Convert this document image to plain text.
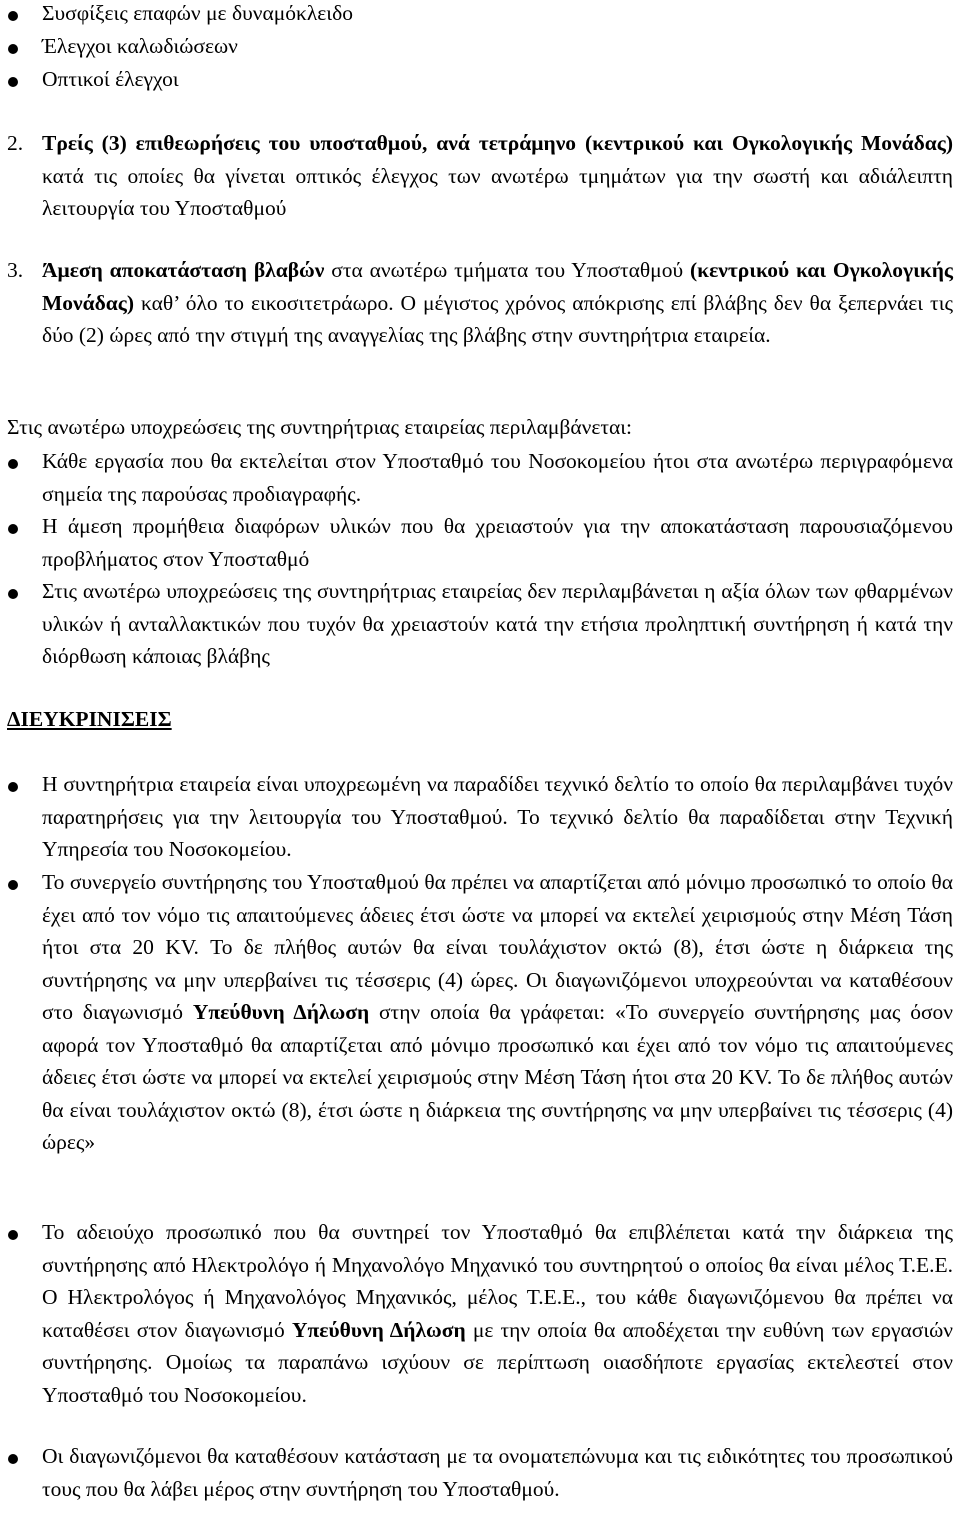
Συσφίξεις επαφών με δυναμόκλειδο
Έλεγχοι καλωδιώσεων
Οπτικοί έλεγχοι
2. Τρείς (3) επιθεωρήσεις του υποσταθμού, ανά τετράμηνο (κεντρικού και Ογκολογικής Μονάδας) κατά τις οποίες θα γίνεται οπτικός έλεγχος των ανωτέρω τμημάτων για την σωστή και αδιάλειπτη λειτουργία του Υποσταθμού
3. Άμεση αποκατάσταση βλαβών στα ανωτέρω τμήματα του Υποσταθμού (κεντρικού και Ογκολογικής Μονάδας) καθ’ όλο το εικοσιτετράωρο. Ο μέγιστος χρόνος απόκρισης επί βλάβης δεν θα ξεπερνάει τις δύο (2) ώρες από την στιγμή της αναγγελίας της βλάβης στην συντηρήτρια εταιρεία.
Στις ανωτέρω υποχρεώσεις της συντηρήτριας εταιρείας περιλαμβάνεται:
Κάθε εργασία που θα εκτελείται στον Υποσταθμό του Νοσοκομείου ήτοι στα ανωτέρω περιγραφόμενα σημεία της παρούσας προδιαγραφής.
Η άμεση προμήθεια διαφόρων υλικών που θα χρειαστούν για την αποκατάσταση παρουσιαζόμενου προβλήματος στον Υποσταθμό
Στις ανωτέρω υποχρεώσεις της συντηρήτριας εταιρείας δεν περιλαμβάνεται η αξία όλων των φθαρμένων υλικών ή ανταλλακτικών που τυχόν θα χρειαστούν κατά την ετήσια προληπτική συντήρηση ή κατά την διόρθωση κάποιας βλάβης
ΔΙΕΥΚΡΙΝΙΣΕΙΣ
Η συντηρήτρια εταιρεία είναι υποχρεωμένη να παραδίδει τεχνικό δελτίο το οποίο θα περιλαμβάνει τυχόν παρατηρήσεις για την λειτουργία του Υποσταθμού. Το τεχνικό δελτίο θα παραδίδεται στην Τεχνική Υπηρεσία του Νοσοκομείου.
Το συνεργείο συντήρησης του Υποσταθμού θα πρέπει να απαρτίζεται από μόνιμο προσωπικό το οποίο θα έχει από τον νόμο τις απαιτούμενες άδειες έτσι ώστε να μπορεί να εκτελεί χειρισμούς στην Μέση Τάση ήτοι στα 20 KV. Το δε πλήθος αυτών θα είναι τουλάχιστον οκτώ (8), έτσι ώστε η διάρκεια της συντήρησης να μην υπερβαίνει τις τέσσερις (4) ώρες. Οι διαγωνιζόμενοι υποχρεούνται να καταθέσουν στο διαγωνισμό Υπεύθυνη Δήλωση στην οποία θα γράφεται: «Το συνεργείο συντήρησης μας όσον αφορά τον Υποσταθμό θα απαρτίζεται από μόνιμο προσωπικό και έχει από τον νόμο τις απαιτούμενες άδειες έτσι ώστε να μπορεί να εκτελεί χειρισμούς στην Μέση Τάση ήτοι στα 20 KV. Το δε πλήθος αυτών θα είναι τουλάχιστον οκτώ (8), έτσι ώστε η διάρκεια της συντήρησης να μην υπερβαίνει τις τέσσερις (4) ώρες»
Το αδειούχο προσωπικό που θα συντηρεί τον Υποσταθμό θα επιβλέπεται κατά την διάρκεια της συντήρησης από Ηλεκτρολόγο ή Μηχανολόγο Μηχανικό του συντηρητού ο οποίος θα είναι μέλος Τ.Ε.Ε. Ο Ηλεκτρολόγος ή Μηχανολόγος Μηχανικός, μέλος Τ.Ε.Ε., του κάθε διαγωνιζόμενου θα πρέπει να καταθέσει στον διαγωνισμό Υπεύθυνη Δήλωση με την οποία θα αποδέχεται την ευθύνη των εργασιών συντήρησης. Ομοίως τα παραπάνω ισχύουν σε περίπτωση οιασδήποτε εργασίας εκτελεστεί στον Υποσταθμό του Νοσοκομείου.
Οι διαγωνιζόμενοι θα καταθέσουν κατάσταση με τα ονοματεπώνυμα και τις ειδικότητες του προσωπικού τους που θα λάβει μέρος στην συντήρηση του Υποσταθμού.
